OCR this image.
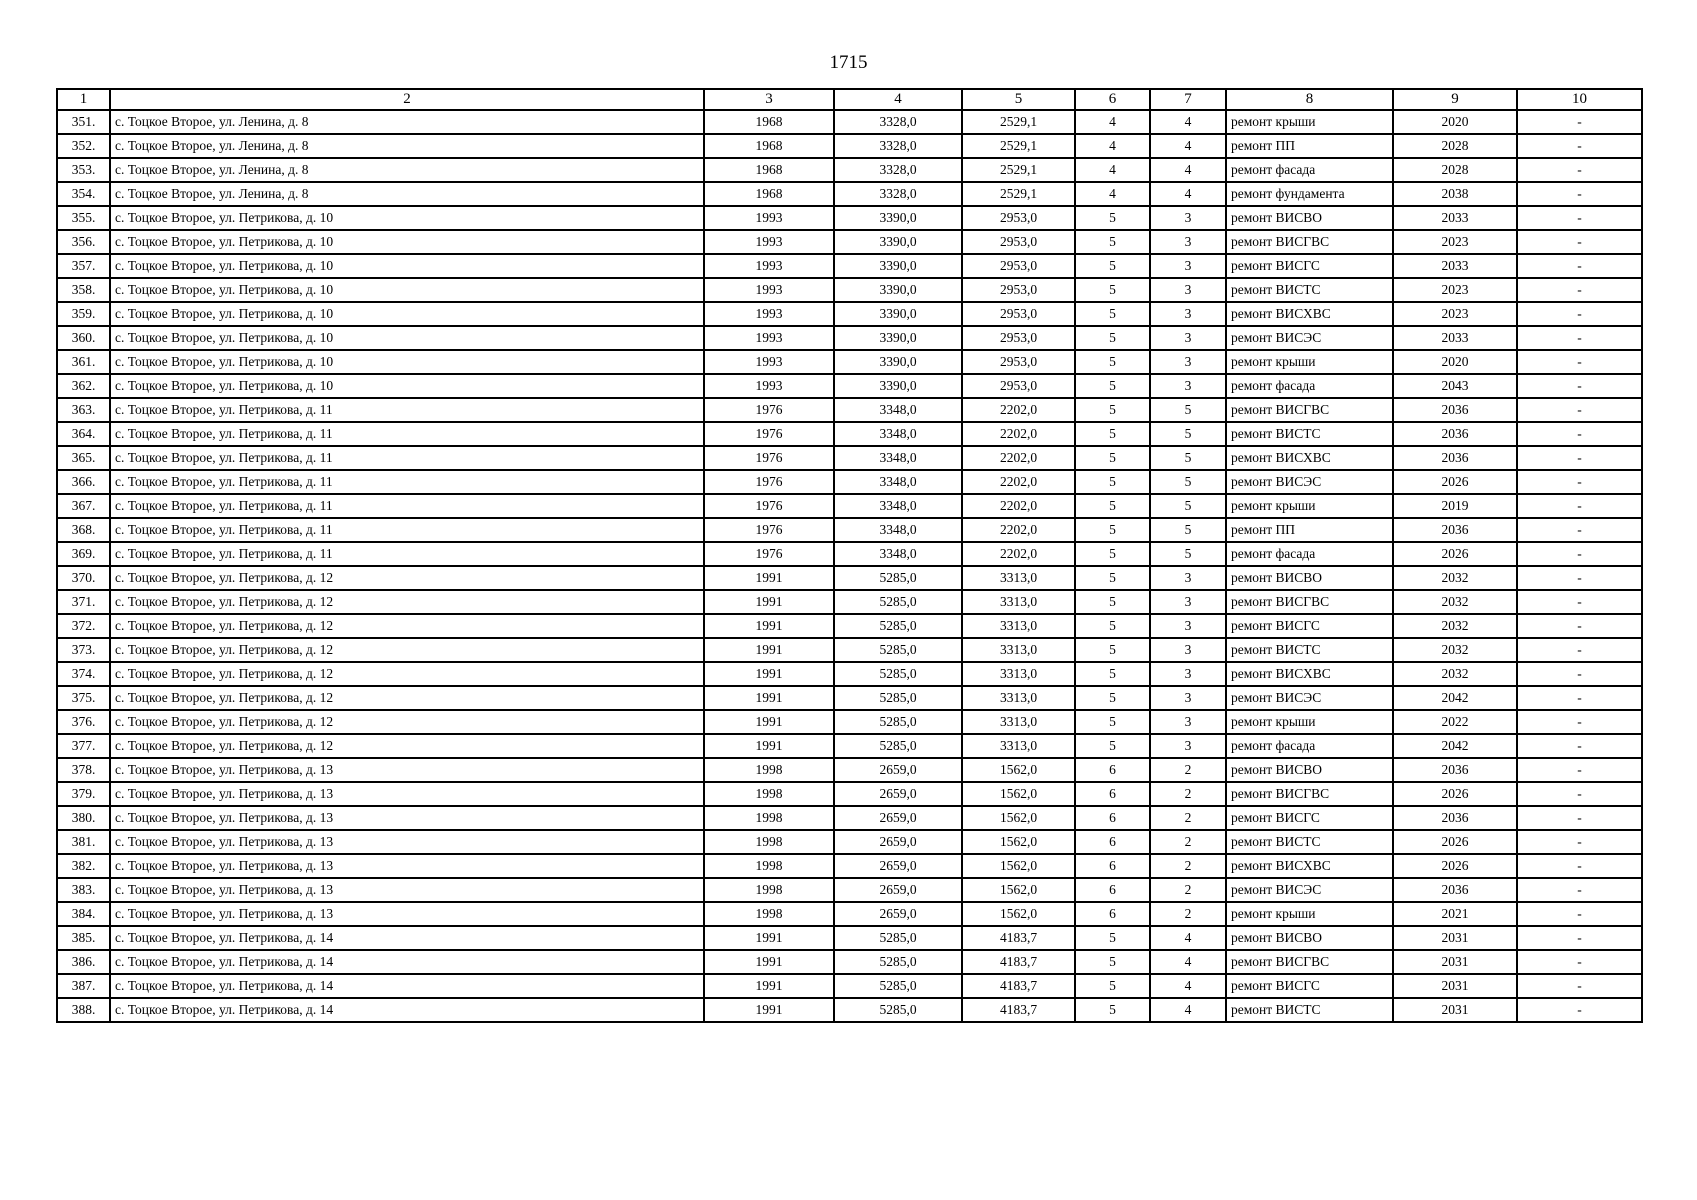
1715
1	2	3	4	5	6	7	8	9	10
351.	с. Тоцкое Второе, ул. Ленина, д. 8	1968	3328,0	2529,1	4	4	ремонт крыши	2020	-
352.	с. Тоцкое Второе, ул. Ленина, д. 8	1968	3328,0	2529,1	4	4	ремонт ПП	2028	-
353.	с. Тоцкое Второе, ул. Ленина, д. 8	1968	3328,0	2529,1	4	4	ремонт фасада	2028	-
354.	с. Тоцкое Второе, ул. Ленина, д. 8	1968	3328,0	2529,1	4	4	ремонт фундамента	2038	-
355.	с. Тоцкое Второе, ул. Петрикова, д. 10	1993	3390,0	2953,0	5	3	ремонт ВИСВО	2033	-
356.	с. Тоцкое Второе, ул. Петрикова, д. 10	1993	3390,0	2953,0	5	3	ремонт ВИСГВС	2023	-
357.	с. Тоцкое Второе, ул. Петрикова, д. 10	1993	3390,0	2953,0	5	3	ремонт ВИСГС	2033	-
358.	с. Тоцкое Второе, ул. Петрикова, д. 10	1993	3390,0	2953,0	5	3	ремонт ВИСТС	2023	-
359.	с. Тоцкое Второе, ул. Петрикова, д. 10	1993	3390,0	2953,0	5	3	ремонт ВИСХВС	2023	-
360.	с. Тоцкое Второе, ул. Петрикова, д. 10	1993	3390,0	2953,0	5	3	ремонт ВИСЭС	2033	-
361.	с. Тоцкое Второе, ул. Петрикова, д. 10	1993	3390,0	2953,0	5	3	ремонт крыши	2020	-
362.	с. Тоцкое Второе, ул. Петрикова, д. 10	1993	3390,0	2953,0	5	3	ремонт фасада	2043	-
363.	с. Тоцкое Второе, ул. Петрикова, д. 11	1976	3348,0	2202,0	5	5	ремонт ВИСГВС	2036	-
364.	с. Тоцкое Второе, ул. Петрикова, д. 11	1976	3348,0	2202,0	5	5	ремонт ВИСТС	2036	-
365.	с. Тоцкое Второе, ул. Петрикова, д. 11	1976	3348,0	2202,0	5	5	ремонт ВИСХВС	2036	-
366.	с. Тоцкое Второе, ул. Петрикова, д. 11	1976	3348,0	2202,0	5	5	ремонт ВИСЭС	2026	-
367.	с. Тоцкое Второе, ул. Петрикова, д. 11	1976	3348,0	2202,0	5	5	ремонт крыши	2019	-
368.	с. Тоцкое Второе, ул. Петрикова, д. 11	1976	3348,0	2202,0	5	5	ремонт ПП	2036	-
369.	с. Тоцкое Второе, ул. Петрикова, д. 11	1976	3348,0	2202,0	5	5	ремонт фасада	2026	-
370.	с. Тоцкое Второе, ул. Петрикова, д. 12	1991	5285,0	3313,0	5	3	ремонт ВИСВО	2032	-
371.	с. Тоцкое Второе, ул. Петрикова, д. 12	1991	5285,0	3313,0	5	3	ремонт ВИСГВС	2032	-
372.	с. Тоцкое Второе, ул. Петрикова, д. 12	1991	5285,0	3313,0	5	3	ремонт ВИСГС	2032	-
373.	с. Тоцкое Второе, ул. Петрикова, д. 12	1991	5285,0	3313,0	5	3	ремонт ВИСТС	2032	-
374.	с. Тоцкое Второе, ул. Петрикова, д. 12	1991	5285,0	3313,0	5	3	ремонт ВИСХВС	2032	-
375.	с. Тоцкое Второе, ул. Петрикова, д. 12	1991	5285,0	3313,0	5	3	ремонт ВИСЭС	2042	-
376.	с. Тоцкое Второе, ул. Петрикова, д. 12	1991	5285,0	3313,0	5	3	ремонт крыши	2022	-
377.	с. Тоцкое Второе, ул. Петрикова, д. 12	1991	5285,0	3313,0	5	3	ремонт фасада	2042	-
378.	с. Тоцкое Второе, ул. Петрикова, д. 13	1998	2659,0	1562,0	6	2	ремонт ВИСВО	2036	-
379.	с. Тоцкое Второе, ул. Петрикова, д. 13	1998	2659,0	1562,0	6	2	ремонт ВИСГВС	2026	-
380.	с. Тоцкое Второе, ул. Петрикова, д. 13	1998	2659,0	1562,0	6	2	ремонт ВИСГС	2036	-
381.	с. Тоцкое Второе, ул. Петрикова, д. 13	1998	2659,0	1562,0	6	2	ремонт ВИСТС	2026	-
382.	с. Тоцкое Второе, ул. Петрикова, д. 13	1998	2659,0	1562,0	6	2	ремонт ВИСХВС	2026	-
383.	с. Тоцкое Второе, ул. Петрикова, д. 13	1998	2659,0	1562,0	6	2	ремонт ВИСЭС	2036	-
384.	с. Тоцкое Второе, ул. Петрикова, д. 13	1998	2659,0	1562,0	6	2	ремонт крыши	2021	-
385.	с. Тоцкое Второе, ул. Петрикова, д. 14	1991	5285,0	4183,7	5	4	ремонт ВИСВО	2031	-
386.	с. Тоцкое Второе, ул. Петрикова, д. 14	1991	5285,0	4183,7	5	4	ремонт ВИСГВС	2031	-
387.	с. Тоцкое Второе, ул. Петрикова, д. 14	1991	5285,0	4183,7	5	4	ремонт ВИСГС	2031	-
388.	с. Тоцкое Второе, ул. Петрикова, д. 14	1991	5285,0	4183,7	5	4	ремонт ВИСТС	2031	-
